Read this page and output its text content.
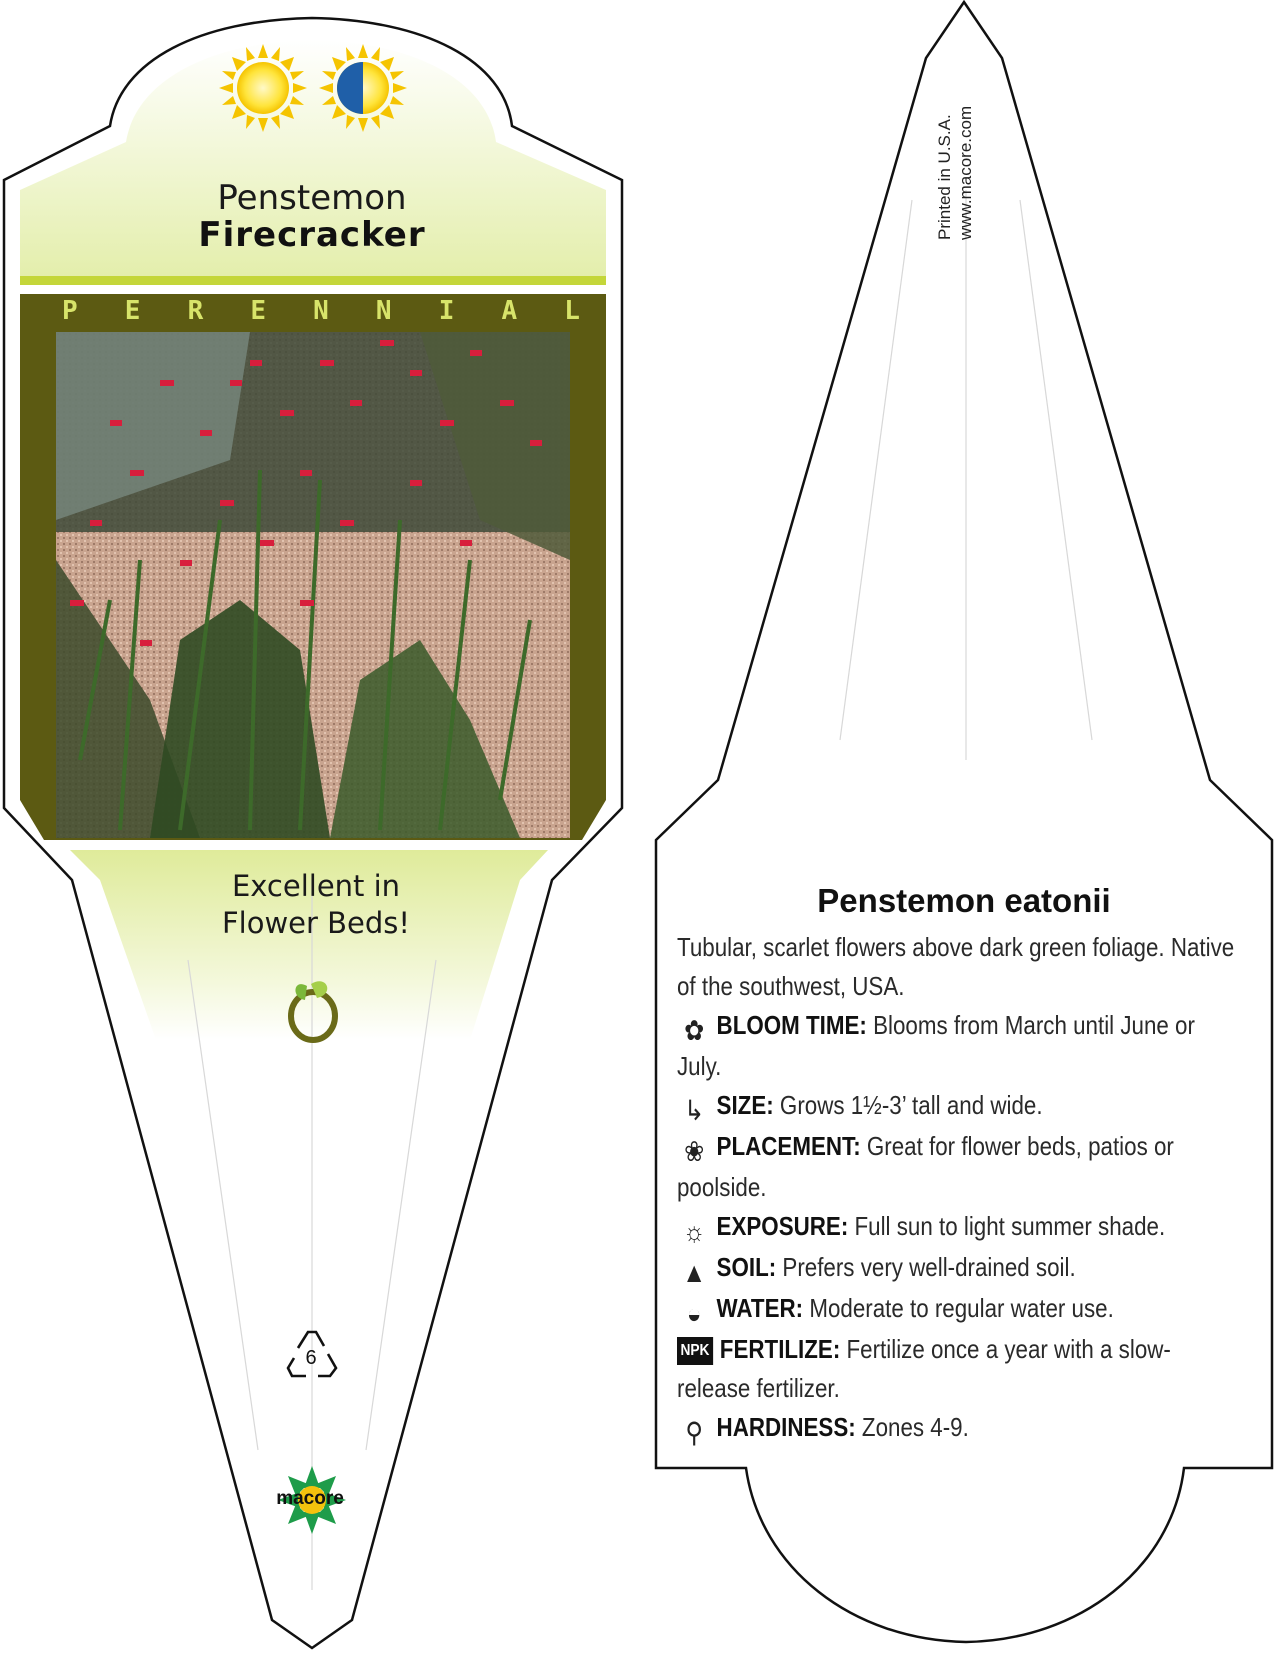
Penstemon
Firecracker
P E R E N N I A L
Excellent in
Flower Beds!
6
macore
Printed in U.S.A. www.macore.com
Penstemon eatonii
Tubular, scarlet flowers above dark green foliage. Native of the southwest, USA.
✿ BLOOM TIME: Blooms from March until June or July.
↳ SIZE: Grows 1½-3’ tall and wide.
❀ PLACEMENT: Great for flower beds, patios or poolside.
☼ EXPOSURE: Full sun to light summer shade.
▲ SOIL: Prefers very well-drained soil.
◒ WATER: Moderate to regular water use.
NPK FERTILIZE: Fertilize once a year with a slow-release fertilizer.
⚲ HARDINESS: Zones 4-9.
